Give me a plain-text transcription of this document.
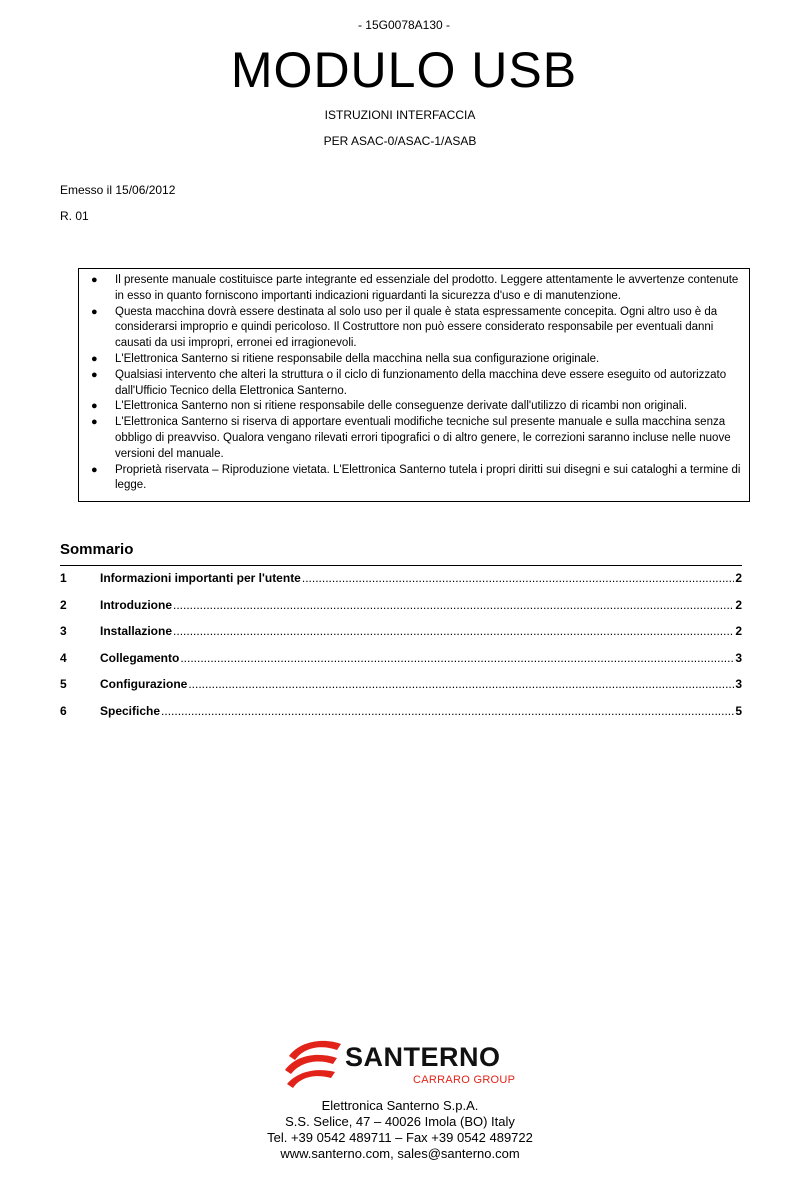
- 15G0078A130 -
MODULO USB
ISTRUZIONI INTERFACCIA
PER ASAC-0/ASAC-1/ASAB
Emesso il 15/06/2012
R. 01
● Il presente manuale costituisce parte integrante ed essenziale del prodotto. Leggere attentamente le avvertenze contenute in esso in quanto forniscono importanti indicazioni riguardanti la sicurezza d'uso e di manutenzione.
● Questa macchina dovrà essere destinata al solo uso per il quale è stata espressamente concepita. Ogni altro uso è da considerarsi improprio e quindi pericoloso. Il Costruttore non può essere considerato responsabile per eventuali danni causati da usi impropri, erronei ed irragionevoli.
● L'Elettronica Santerno si ritiene responsabile della macchina nella sua configurazione originale.
● Qualsiasi intervento che alteri la struttura o il ciclo di funzionamento della macchina deve essere eseguito od autorizzato dall'Ufficio Tecnico della Elettronica Santerno.
● L'Elettronica Santerno non si ritiene responsabile delle conseguenze derivate dall'utilizzo di ricambi non originali.
● L'Elettronica Santerno si riserva di apportare eventuali modifiche tecniche sul presente manuale e sulla macchina senza obbligo di preavviso. Qualora vengano rilevati errori tipografici o di altro genere, le correzioni saranno incluse nelle nuove versioni del manuale.
● Proprietà riservata – Riproduzione vietata. L'Elettronica Santerno tutela i propri diritti sui disegni e sui cataloghi a termine di legge.
Sommario
1	Informazioni importanti per l'utente .....	2
2	Introduzione .....	2
3	Installazione .....	2
4	Collegamento .....	3
5	Configurazione .....	3
6	Specifiche .....	5
SANTERNO
CARRARO GROUP
Elettronica Santerno S.p.A.
S.S. Selice, 47 – 40026 Imola (BO) Italy
Tel. +39 0542 489711 – Fax +39 0542 489722
www.santerno.com, sales@santerno.com
